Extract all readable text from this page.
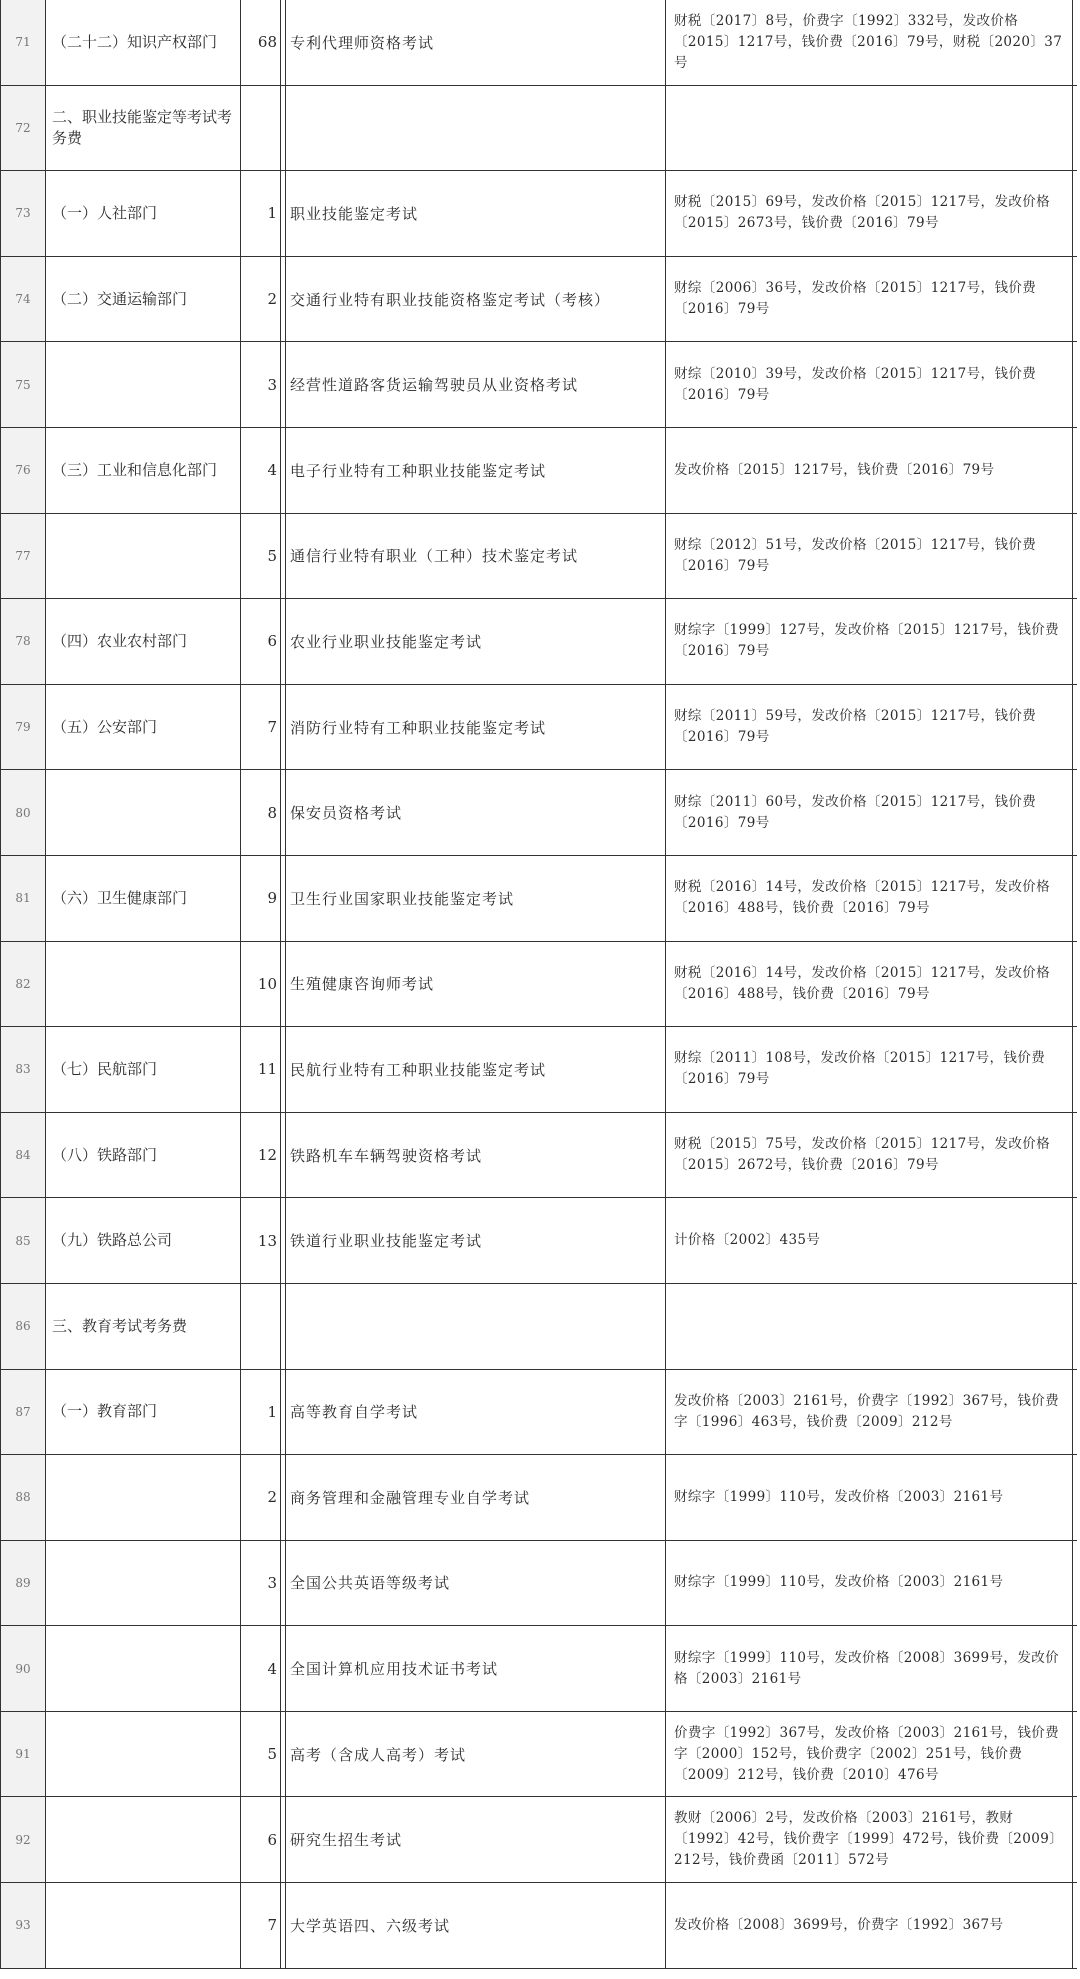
71	（二十二）知识产权部门	68		专利代理师资格考试	财税〔2017〕8号，价费字〔1992〕332号，发改价格〔2015〕1217号，钱价费〔2016〕79号，财税〔2020〕37号	
72	二、职业技能鉴定等考试考务费					
73	（一）人社部门	1		职业技能鉴定考试	财税〔2015〕69号，发改价格〔2015〕1217号，发改价格〔2015〕2673号，钱价费〔2016〕79号	
74	（二）交通运输部门	2		交通行业特有职业技能资格鉴定考试（考核）	财综〔2006〕36号，发改价格〔2015〕1217号，钱价费〔2016〕79号	
75		3		经营性道路客货运输驾驶员从业资格考试	财综〔2010〕39号，发改价格〔2015〕1217号，钱价费〔2016〕79号	
76	（三）工业和信息化部门	4		电子行业特有工种职业技能鉴定考试	发改价格〔2015〕1217号，钱价费〔2016〕79号	
77		5		通信行业特有职业（工种）技术鉴定考试	财综〔2012〕51号，发改价格〔2015〕1217号，钱价费〔2016〕79号	
78	（四）农业农村部门	6		农业行业职业技能鉴定考试	财综字〔1999〕127号，发改价格〔2015〕1217号，钱价费〔2016〕79号	
79	（五）公安部门	7		消防行业特有工种职业技能鉴定考试	财综〔2011〕59号，发改价格〔2015〕1217号，钱价费〔2016〕79号	
80		8		保安员资格考试	财综〔2011〕60号，发改价格〔2015〕1217号，钱价费〔2016〕79号	
81	（六）卫生健康部门	9		卫生行业国家职业技能鉴定考试	财税〔2016〕14号，发改价格〔2015〕1217号，发改价格〔2016〕488号，钱价费〔2016〕79号	
82		10		生殖健康咨询师考试	财税〔2016〕14号，发改价格〔2015〕1217号，发改价格〔2016〕488号，钱价费〔2016〕79号	
83	（七）民航部门	11		民航行业特有工种职业技能鉴定考试	财综〔2011〕108号，发改价格〔2015〕1217号，钱价费〔2016〕79号	
84	（八）铁路部门	12		铁路机车车辆驾驶资格考试	财税〔2015〕75号，发改价格〔2015〕1217号，发改价格〔2015〕2672号，钱价费〔2016〕79号	
85	（九）铁路总公司	13		铁道行业职业技能鉴定考试	计价格〔2002〕435号	
86	三、教育考试考务费					
87	（一）教育部门	1		高等教育自学考试	发改价格〔2003〕2161号，价费字〔1992〕367号，钱价费字〔1996〕463号，钱价费〔2009〕212号	
88		2		商务管理和金融管理专业自学考试	财综字〔1999〕110号，发改价格〔2003〕2161号	
89		3		全国公共英语等级考试	财综字〔1999〕110号，发改价格〔2003〕2161号	
90		4		全国计算机应用技术证书考试	财综字〔1999〕110号，发改价格〔2008〕3699号，发改价格〔2003〕2161号	
91		5		高考（含成人高考）考试	价费字〔1992〕367号，发改价格〔2003〕2161号，钱价费字〔2000〕152号，钱价费字〔2002〕251号，钱价费〔2009〕212号，钱价费〔2010〕476号	
92		6		研究生招生考试	教财〔2006〕2号，发改价格〔2003〕2161号，教财〔1992〕42号，钱价费字〔1999〕472号，钱价费〔2009〕212号，钱价费函〔2011〕572号	
93		7		大学英语四、六级考试	发改价格〔2008〕3699号，价费字〔1992〕367号	
